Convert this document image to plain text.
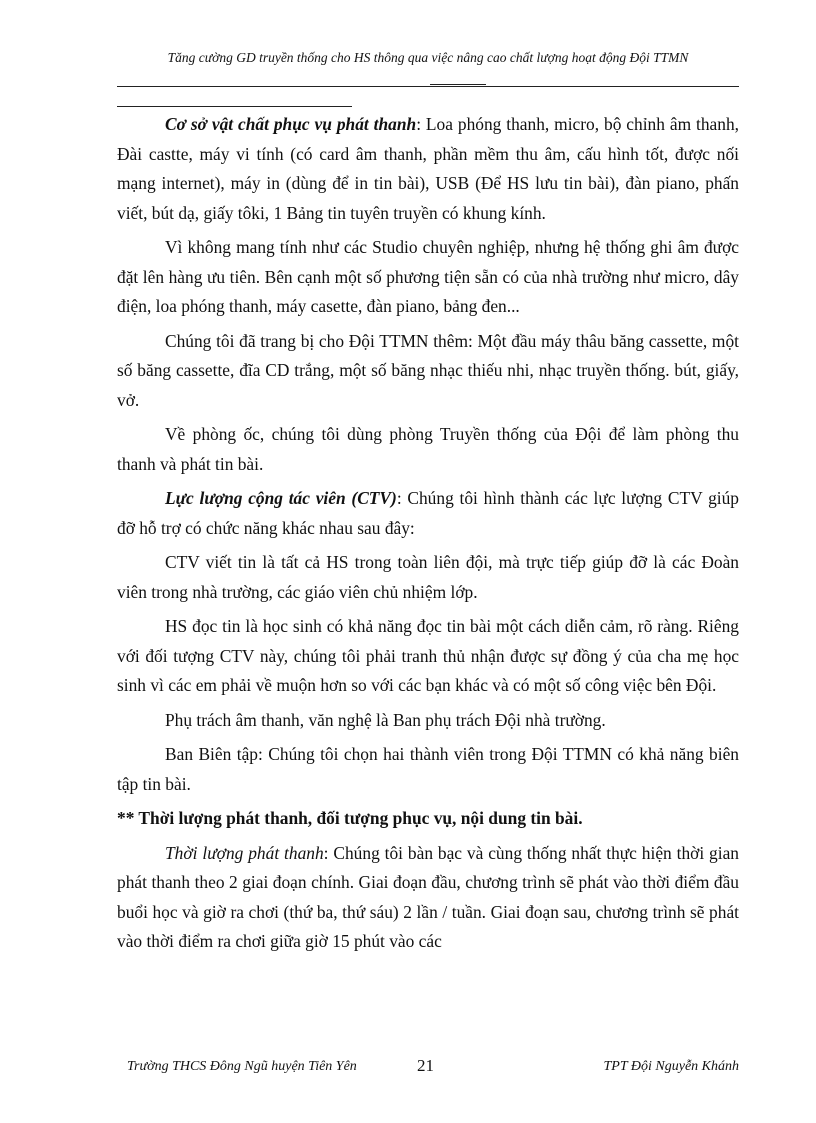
Tăng cường GD truyền thống cho HS thông qua việc nâng cao chất lượng hoạt động Đội TTMN

Cơ sở vật chất phục vụ phát thanh: Loa phóng thanh, micro, bộ chỉnh âm thanh, Đài castte, máy vi tính (có card âm thanh, phần mềm thu âm, cấu hình tốt, được nối mạng internet), máy in (dùng để in tin bài), USB (Để HS lưu tin bài), đàn piano, phấn viết, bút dạ, giấy tôki, 1 Bảng tin tuyên truyền có khung kính.

Vì không mang tính như các Studio chuyên nghiệp, nhưng hệ thống ghi âm được đặt lên hàng ưu tiên. Bên cạnh một số phương tiện sẵn có của nhà trường như micro, dây điện, loa phóng thanh, máy casette, đàn piano, bảng đen...

Chúng tôi đã trang bị cho Đội TTMN thêm: Một đầu máy thâu băng cassette, một số băng cassette, đĩa CD trắng, một số băng nhạc thiếu nhi, nhạc truyền thống. bút, giấy, vở.

Về phòng ốc, chúng tôi dùng phòng Truyền thống của Đội để làm phòng thu thanh và phát tin bài.

Lực lượng cộng tác viên (CTV): Chúng tôi hình thành các lực lượng CTV giúp đỡ hỗ trợ có chức năng khác nhau sau đây:

CTV viết tin là tất cả HS trong toàn liên đội, mà trực tiếp giúp đỡ là các Đoàn viên trong nhà trường, các giáo viên chủ nhiệm lớp.

HS đọc tin là học sinh có khả năng đọc tin bài một cách diễn cảm, rõ ràng. Riêng với đối tượng CTV này, chúng tôi phải tranh thủ nhận được sự đồng ý của cha mẹ học sinh vì các em phải về muộn hơn so với các bạn khác và có một số công việc bên Đội.

Phụ trách âm thanh, văn nghệ là Ban phụ trách Đội nhà trường.

Ban Biên tập: Chúng tôi chọn hai thành viên trong Đội TTMN có khả năng biên tập tin bài.

** Thời lượng phát thanh, đối tượng phục vụ, nội dung tin bài.

Thời lượng phát thanh: Chúng tôi bàn bạc và cùng thống nhất thực hiện thời gian phát thanh theo 2 giai đoạn chính. Giai đoạn đầu, chương trình sẽ phát vào thời điểm đầu buổi học và giờ ra chơi (thứ ba, thứ sáu) 2 lần / tuần. Giai đoạn sau, chương trình sẽ phát vào thời điểm ra chơi giữa giờ 15 phút vào các

Trường THCS Đông Ngũ huyện Tiên Yên	21	TPT Đội Nguyễn Khánh
